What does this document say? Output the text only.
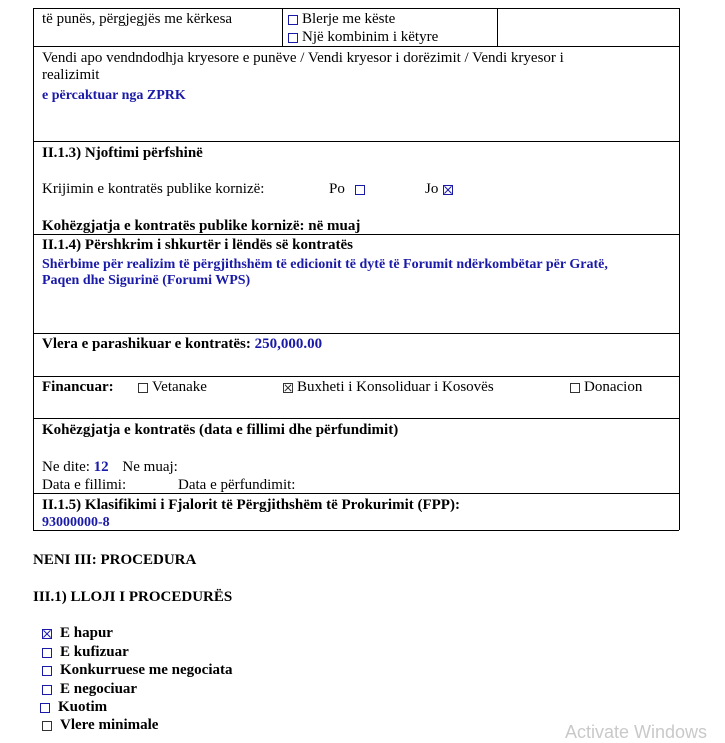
të punës, përgjegjës me kërkesa	Blerje me këste
Një kombinim i këtyre
Vendi apo vendndodhja kryesore e punëve / Vendi kryesor i dorëzimit / Vendi kryesor i
realizimit
e përcaktuar nga ZPRK
II.1.3) Njoftimi përfshinë
Krijimin e kontratës publike kornizë:	Po	Jo
Kohëzgjatja e kontratës publike kornizë: në muaj
II.1.4) Përshkrim i shkurtër i lëndës së kontratës
Shërbime për realizim të përgjithshëm të edicionit të dytë të Forumit ndërkombëtar për Gratë,
Paqen dhe Sigurinë (Forumi WPS)
Vlera e parashikuar e kontratës: 250,000.00
Financuar:	Vetanake	Buxheti i Konsoliduar i Kosovës	Donacion
Kohëzgjatja e kontratës (data e fillimi dhe përfundimit)
Ne dite: 12 Ne muaj:
Data e fillimi:	Data e përfundimit:
II.1.5) Klasifikimi i Fjalorit të Përgjithshëm të Prokurimit (FPP):
93000000-8
NENI III: PROCEDURA
III.1) LLOJI I PROCEDURËS
E hapur
E kufizuar
Konkurruese me negociata
E negociuar
Kuotim
Vlere minimale	Activate Windows
